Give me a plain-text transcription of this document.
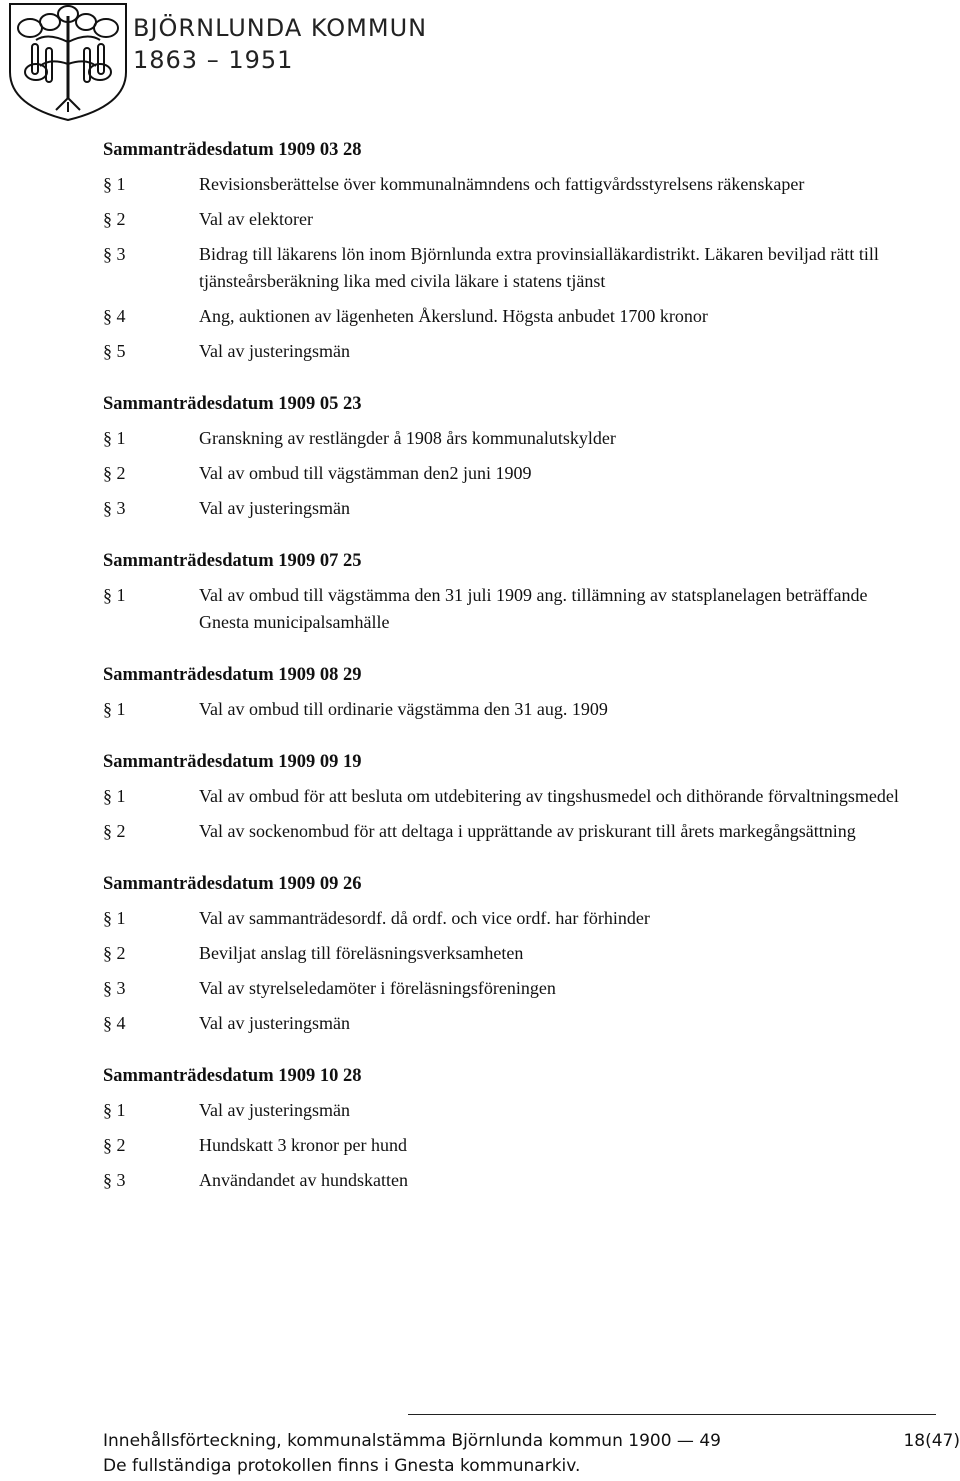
BJÖRNLUNDA KOMMUN
1863 – 1951
Sammanträdesdatum 1909 03 28
§ 1	Revisionsberättelse över kommunalnämndens och fattigvårdsstyrelsens räkenskaper
§ 2	Val av elektorer
§ 3	Bidrag till läkarens lön inom Björnlunda extra provinsialläkardistrikt. Läkaren beviljad rätt till tjänsteårsberäkning lika med civila läkare i statens tjänst
§ 4	Ang, auktionen av lägenheten Åkerslund. Högsta anbudet 1700 kronor
§ 5	Val av justeringsmän
Sammanträdesdatum 1909 05 23
§ 1	Granskning av restlängder å 1908 års kommunalutskylder
§ 2	Val av ombud till vägstämman den2 juni 1909
§ 3	Val av justeringsmän
Sammanträdesdatum 1909 07 25
§ 1	Val av ombud till vägstämma den 31 juli 1909 ang. tillämning av statsplanelagen beträffande Gnesta municipalsamhälle
Sammanträdesdatum 1909 08 29
§ 1	Val av ombud till ordinarie vägstämma den 31 aug. 1909
Sammanträdesdatum 1909 09 19
§ 1	Val av ombud för att besluta om utdebitering av tingshusmedel och dithörande förvaltningsmedel
§ 2	Val av sockenombud för att deltaga i upprättande av priskurant till årets markegångsättning
Sammanträdesdatum 1909 09 26
§ 1	Val av sammanträdesordf. då ordf. och vice ordf. har förhinder
§ 2	Beviljat anslag till föreläsningsverksamheten
§ 3	Val av styrelseledamöter i föreläsningsföreningen
§ 4	Val av justeringsmän
Sammanträdesdatum 1909 10 28
§ 1	Val av justeringsmän
§ 2	Hundskatt 3 kronor per hund
§ 3	Användandet av hundskatten
Innehållsförteckning, kommunalstämma Björnlunda kommun 1900 — 49
De fullständiga protokollen finns i Gnesta kommunarkiv.
18(47)
